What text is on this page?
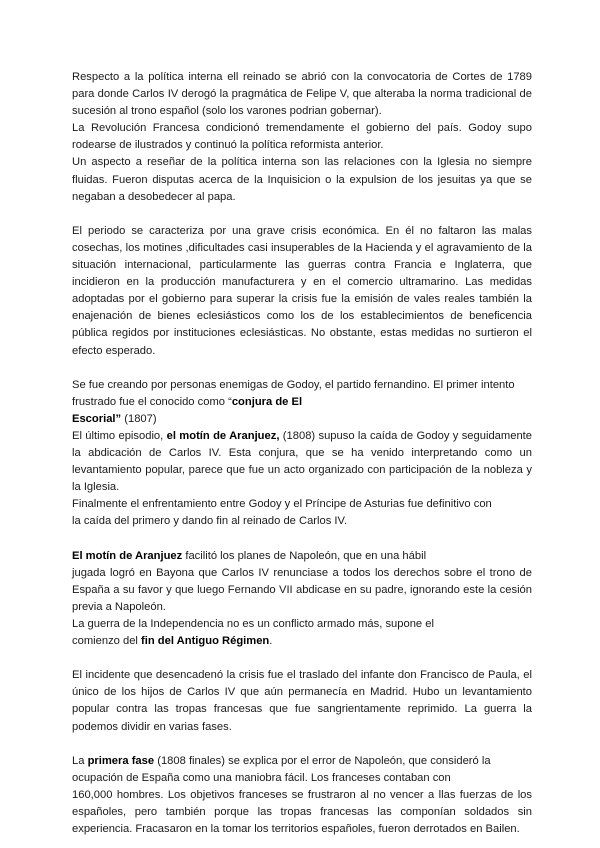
Respecto a la política interna ell reinado se abrió con la convocatoria de Cortes de 1789
para donde Carlos IV derogó la pragmática de Felipe V, que alteraba la norma tradicional de
sucesión al trono español (solo los varones podrian gobernar).
La Revolución Francesa condicionó tremendamente el gobierno del país. Godoy supo
rodearse de ilustrados y continuó la política reformista anterior.
Un aspecto a reseñar de la política interna son las relaciones con la Iglesia no siempre
fluidas. Fueron disputas acerca de la Inquisicion o la expulsion de los jesuitas ya que se
negaban a desobedecer al papa.
El periodo se caracteriza por una grave crisis económica. En él no faltaron las malas
cosechas, los motines ,dificultades casi insuperables de la Hacienda y el agravamiento de la
situación internacional, particularmente las guerras contra Francia e Inglaterra, que
incidieron en la producción manufacturera y en el comercio ultramarino. Las medidas
adoptadas por el gobierno para superar la crisis fue la emisión de vales reales también la
enajenación de bienes eclesiásticos como los de los establecimientos de beneficencia
pública regidos por instituciones eclesiásticas. No obstante, estas medidas no surtieron el
efecto esperado.
Se fue creando por personas enemigas de Godoy, el partido fernandino. El primer intento
frustrado fue el conocido como “conjura de El
Escorial” (1807)
El último episodio, el motín de Aranjuez, (1808) supuso la caída de Godoy y seguidamente
la abdicación de Carlos IV. Esta conjura, que se ha venido interpretando como un
levantamiento popular, parece que fue un acto organizado con participación de la nobleza y
la Iglesia.
Finalmente el enfrentamiento entre Godoy y el Príncipe de Asturias fue definitivo con
la caída del primero y dando fin al reinado de Carlos IV.
El motín de Aranjuez facilitó los planes de Napoleón, que en una hábil
jugada logró en Bayona que Carlos IV renunciase a todos los derechos sobre el trono de
España a su favor y que luego Fernando VII abdicase en su padre, ignorando este la cesión
previa a Napoleón.
La guerra de la Independencia no es un conflicto armado más, supone el
comienzo del fin del Antiguo Régimen.
El incidente que desencadenó la crisis fue el traslado del infante don Francisco de Paula, el
único de los hijos de Carlos IV que aún permanecía en Madrid. Hubo un levantamiento
popular contra las tropas francesas que fue sangrientamente reprimido. La guerra la
podemos dividir en varias fases.
La primera fase (1808 finales) se explica por el error de Napoleón, que consideró la
ocupación de España como una maniobra fácil. Los franceses contaban con
160,000 hombres. Los objetivos franceses se frustraron al no vencer a llas fuerzas de los
españoles, pero también porque las tropas francesas las componían soldados sin
experiencia. Fracasaron en la tomar los territorios españoles, fueron derrotados en Bailen.
